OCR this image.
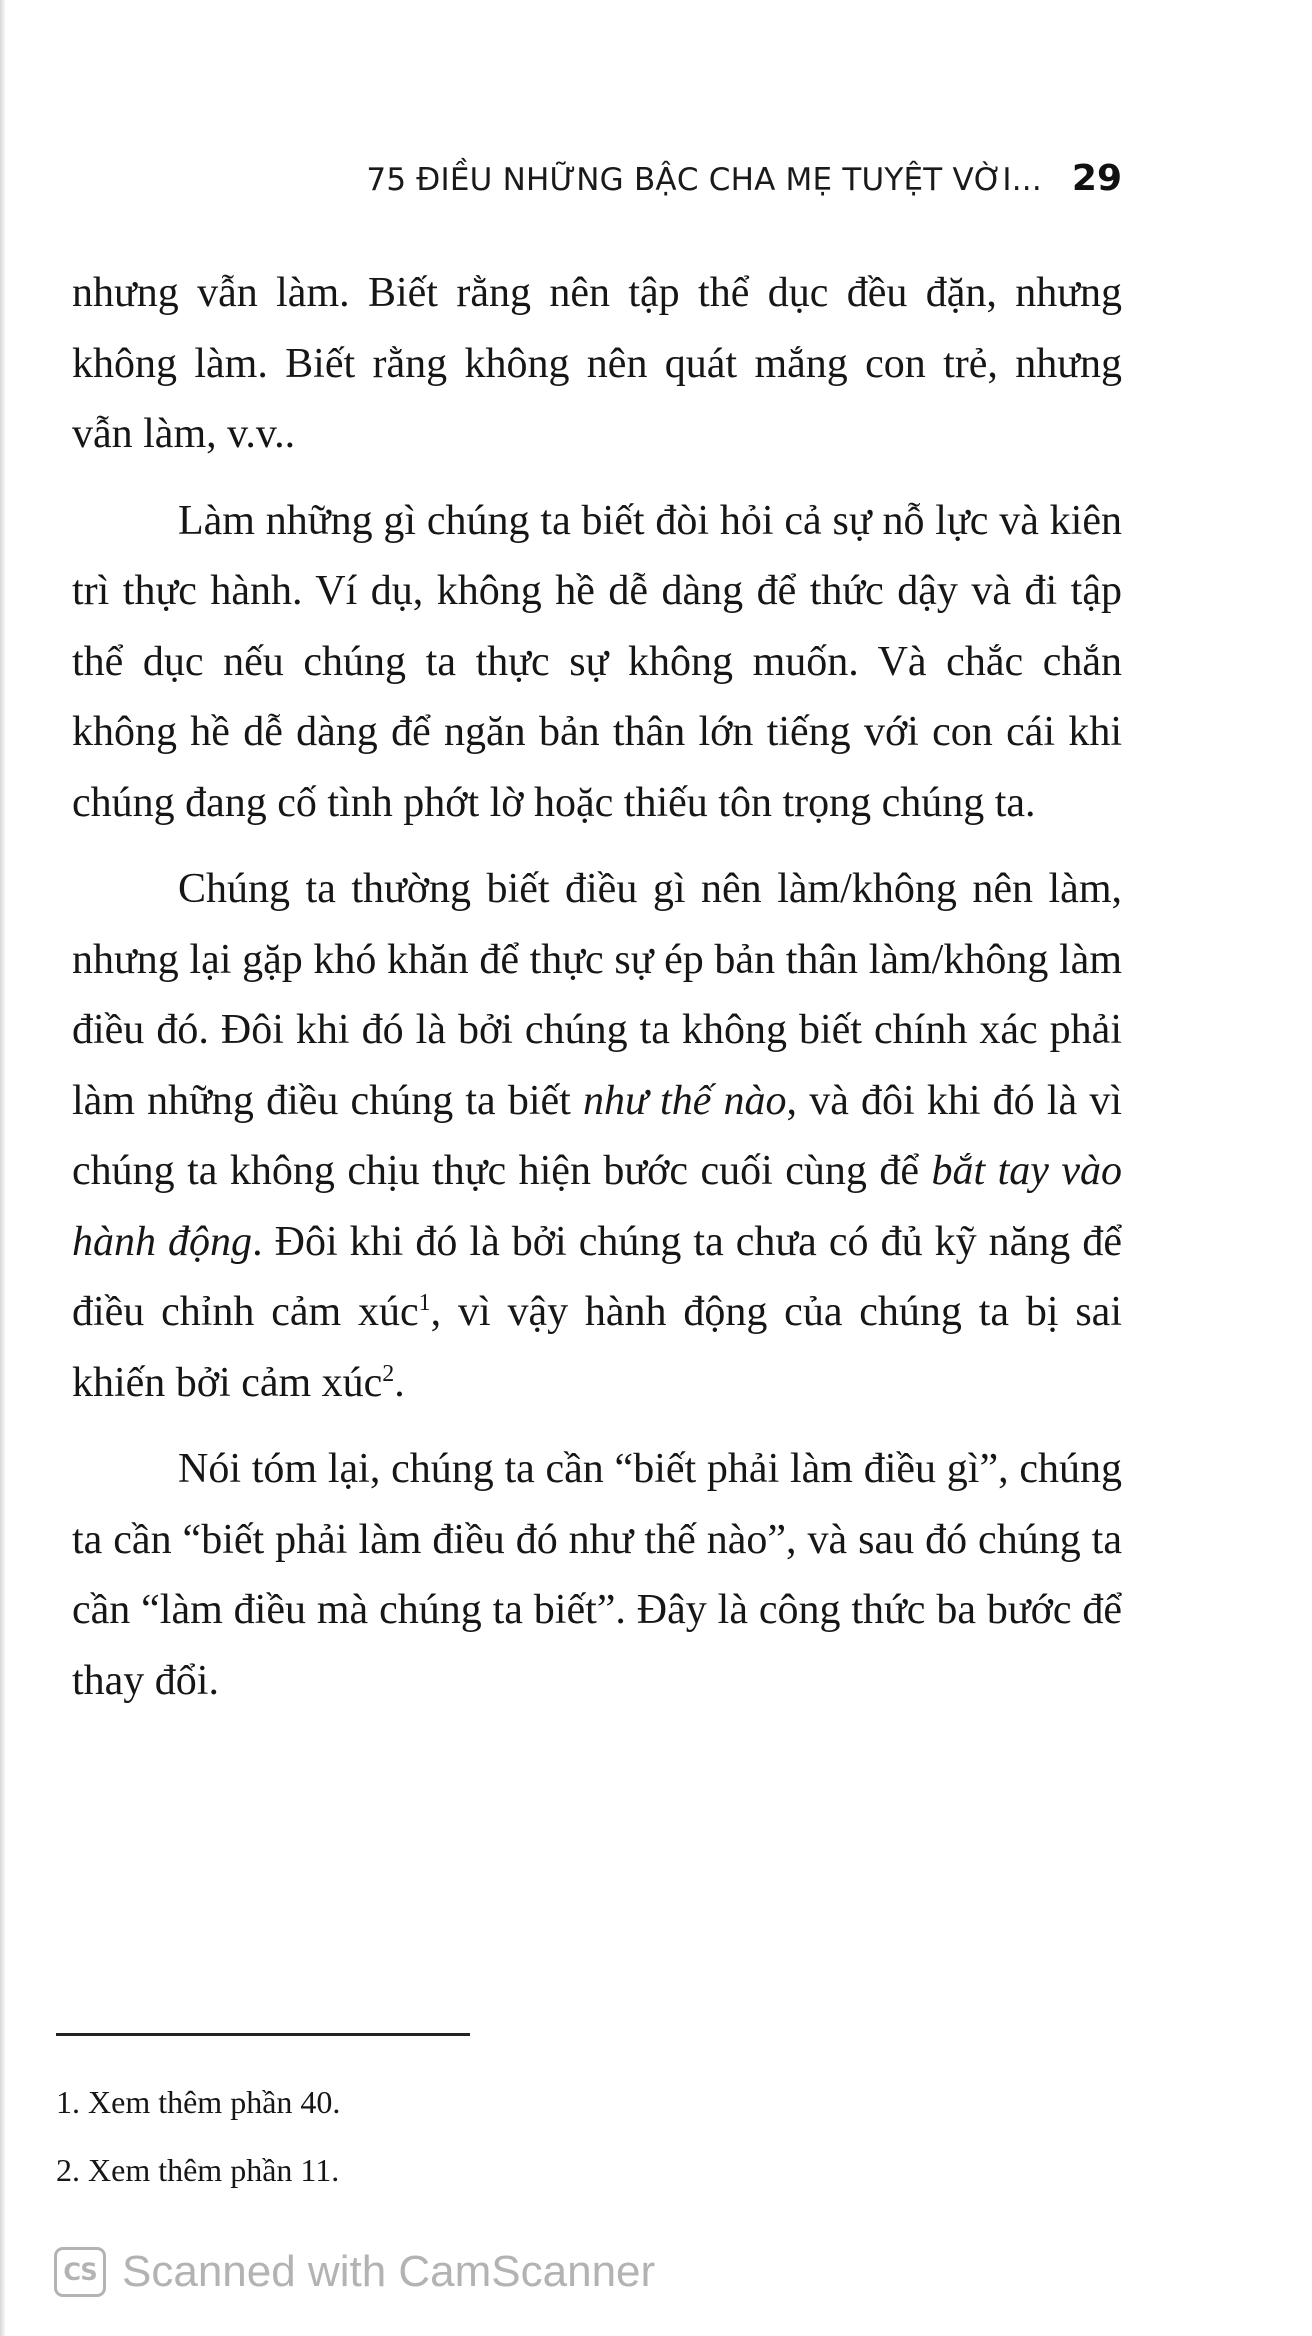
75 ĐIỀU NHỮNG BẬC CHA MẸ TUYỆT VỜI... 29

nhưng vẫn làm. Biết rằng nên tập thể dục đều đặn, nhưng không làm. Biết rằng không nên quát mắng con trẻ, nhưng vẫn làm, v.v..

Làm những gì chúng ta biết đòi hỏi cả sự nỗ lực và kiên trì thực hành. Ví dụ, không hề dễ dàng để thức dậy và đi tập thể dục nếu chúng ta thực sự không muốn. Và chắc chắn không hề dễ dàng để ngăn bản thân lớn tiếng với con cái khi chúng đang cố tình phớt lờ hoặc thiếu tôn trọng chúng ta.

Chúng ta thường biết điều gì nên làm/không nên làm, nhưng lại gặp khó khăn để thực sự ép bản thân làm/không làm điều đó. Đôi khi đó là bởi chúng ta không biết chính xác phải làm những điều chúng ta biết như thế nào, và đôi khi đó là vì chúng ta không chịu thực hiện bước cuối cùng để bắt tay vào hành động. Đôi khi đó là bởi chúng ta chưa có đủ kỹ năng để điều chỉnh cảm xúc$^1$, vì vậy hành động của chúng ta bị sai khiến bởi cảm xúc$^2$.

Nói tóm lại, chúng ta cần “biết phải làm điều gì”, chúng ta cần “biết phải làm điều đó như thế nào”, và sau đó chúng ta cần “làm điều mà chúng ta biết”. Đây là công thức ba bước để thay đổi.

1. Xem thêm phần 40.

2. Xem thêm phần 11.

CS Scanned with CamScanner
